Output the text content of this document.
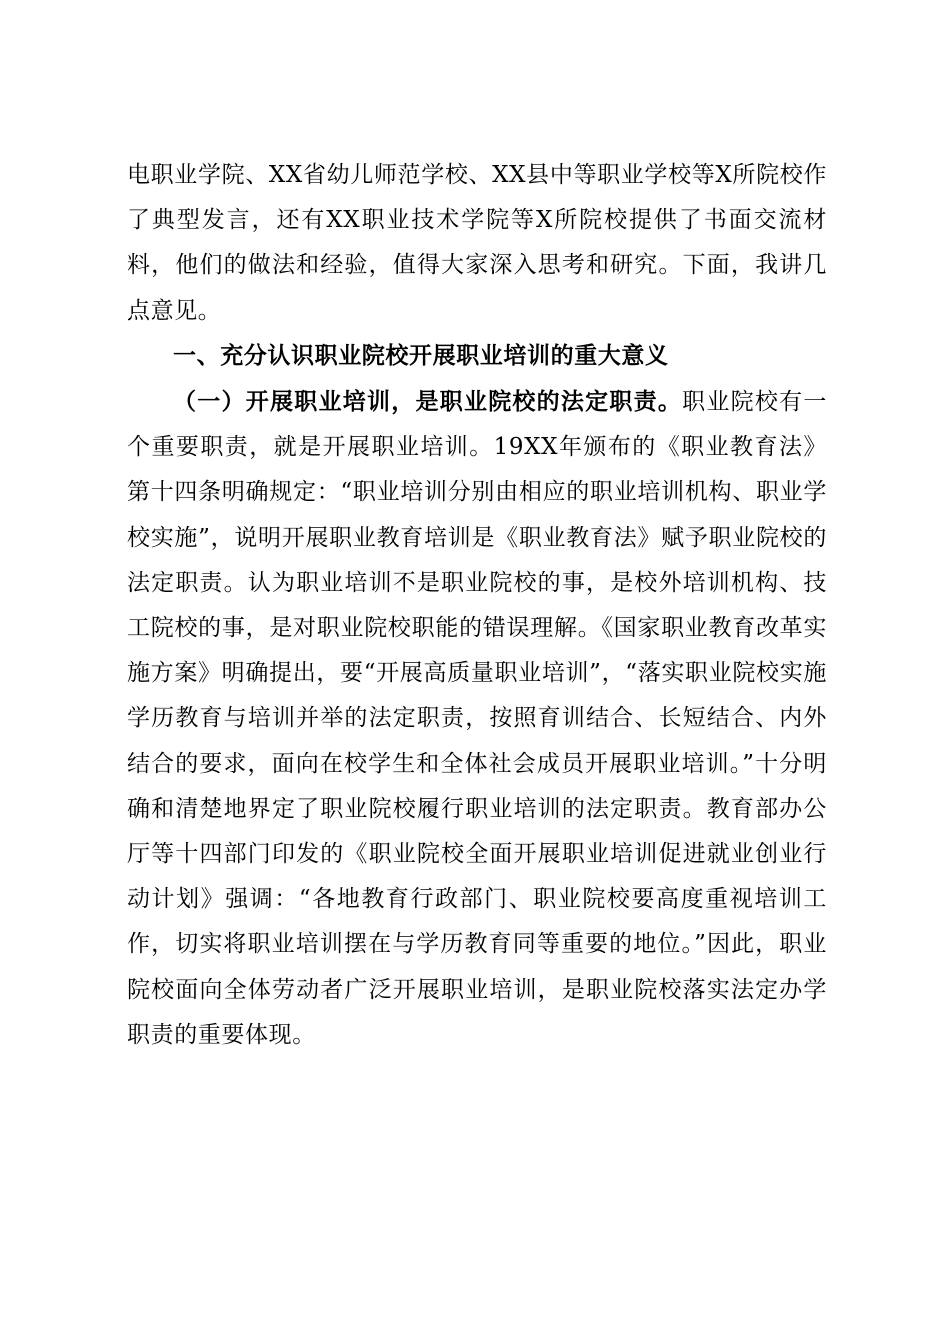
电职业学院、XX省幼儿师范学校、XX县中等职业学校等X所院校作了典型发言，还有XX职业技术学院等X所院校提供了书面交流材料，他们的做法和经验，值得大家深入思考和研究。下面，我讲几点意见。

一、充分认识职业院校开展职业培训的重大意义

（一）开展职业培训，是职业院校的法定职责。职业院校有一个重要职责，就是开展职业培训。19XX年颁布的《职业教育法》第十四条明确规定：“职业培训分别由相应的职业培训机构、职业学校实施”，说明开展职业教育培训是《职业教育法》赋予职业院校的法定职责。认为职业培训不是职业院校的事，是校外培训机构、技工院校的事，是对职业院校职能的错误理解。《国家职业教育改革实施方案》明确提出，要“开展高质量职业培训”，“落实职业院校实施学历教育与培训并举的法定职责，按照育训结合、长短结合、内外结合的要求，面向在校学生和全体社会成员开展职业培训。”十分明确和清楚地界定了职业院校履行职业培训的法定职责。教育部办公厅等十四部门印发的《职业院校全面开展职业培训促进就业创业行动计划》强调：“各地教育行政部门、职业院校要高度重视培训工作，切实将职业培训摆在与学历教育同等重要的地位。”因此，职业院校面向全体劳动者广泛开展职业培训，是职业院校落实法定办学职责的重要体现。
